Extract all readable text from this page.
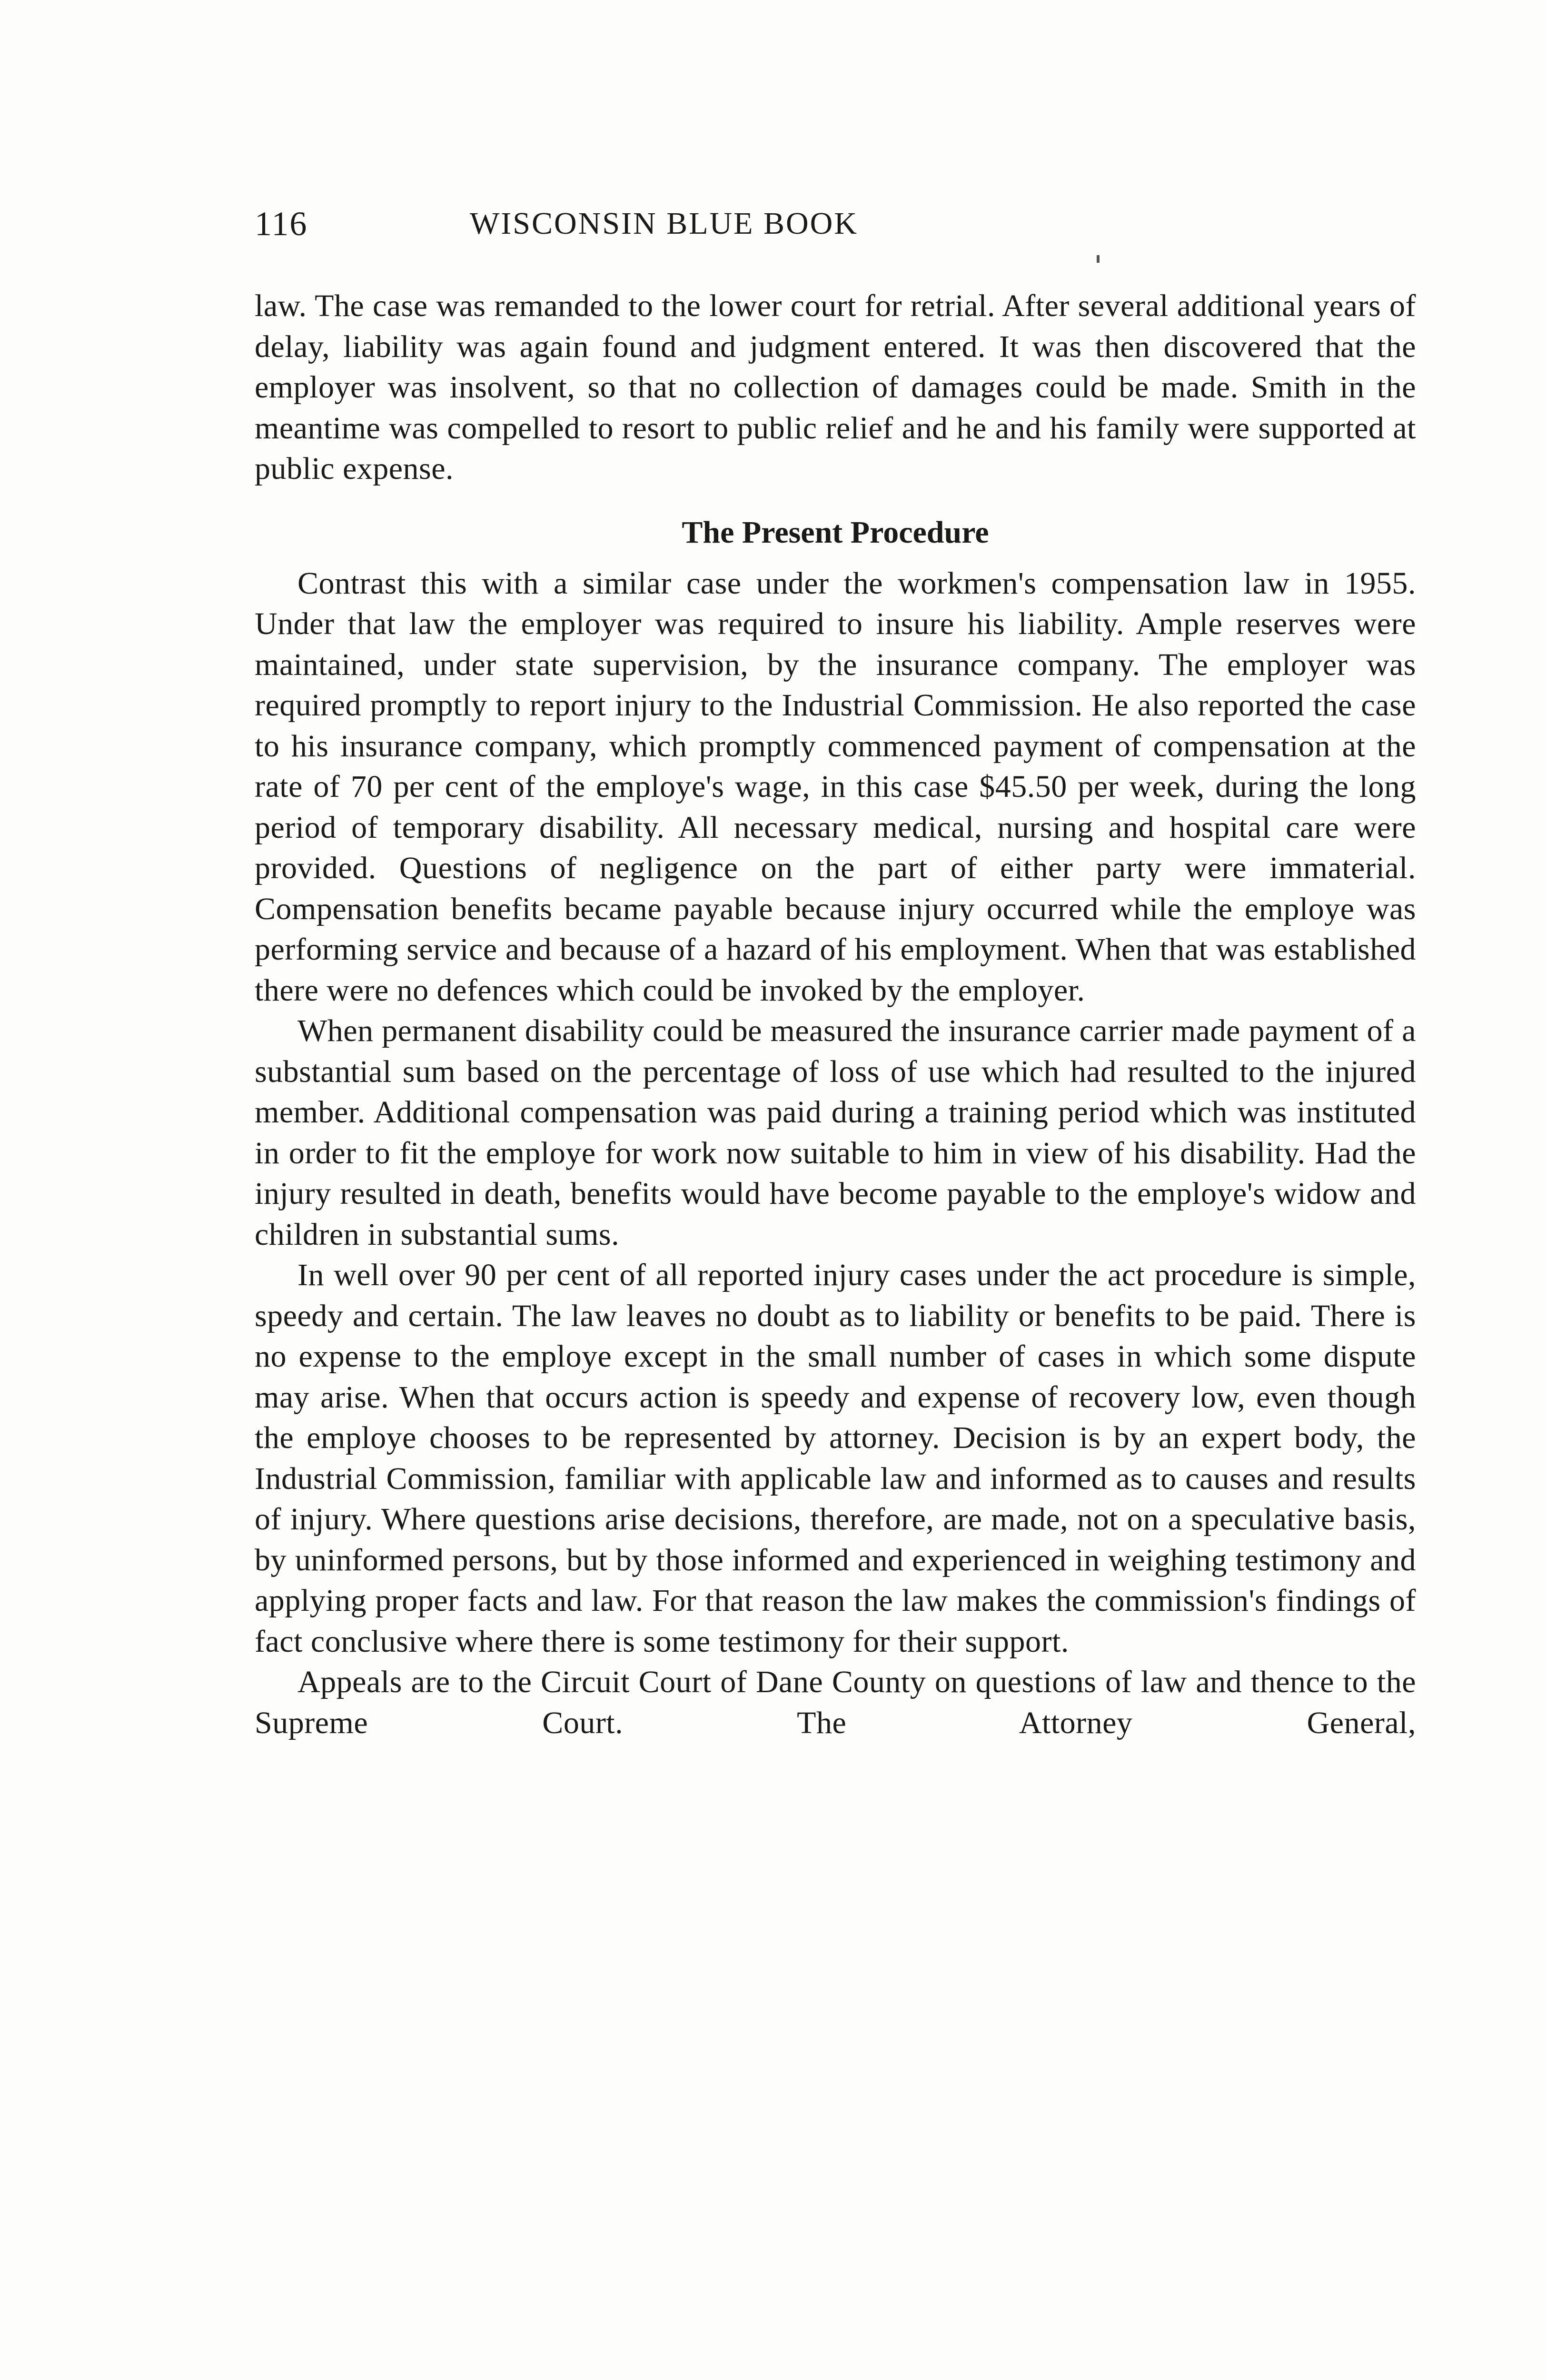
116	WISCONSIN BLUE BOOK

law. The case was remanded to the lower court for retrial. After several additional years of delay, liability was again found and judgment entered. It was then discovered that the employer was insolvent, so that no collection of damages could be made. Smith in the meantime was compelled to resort to public relief and he and his family were supported at public expense.

The Present Procedure

Contrast this with a similar case under the workmen's compensation law in 1955. Under that law the employer was required to insure his liability. Ample reserves were maintained, under state supervision, by the insurance company. The employer was required promptly to report injury to the Industrial Commission. He also reported the case to his insurance company, which promptly commenced payment of compensation at the rate of 70 per cent of the employe's wage, in this case $45.50 per week, during the long period of temporary disability. All necessary medical, nursing and hospital care were provided. Questions of negligence on the part of either party were immaterial. Compensation benefits became payable because injury occurred while the employe was performing service and because of a hazard of his employment. When that was established there were no defences which could be invoked by the employer.

When permanent disability could be measured the insurance carrier made payment of a substantial sum based on the percentage of loss of use which had resulted to the injured member. Additional compensation was paid during a training period which was instituted in order to fit the employe for work now suitable to him in view of his disability. Had the injury resulted in death, benefits would have become payable to the employe's widow and children in substantial sums.

In well over 90 per cent of all reported injury cases under the act procedure is simple, speedy and certain. The law leaves no doubt as to liability or benefits to be paid. There is no expense to the employe except in the small number of cases in which some dispute may arise. When that occurs action is speedy and expense of recovery low, even though the employe chooses to be represented by attorney. Decision is by an expert body, the Industrial Commission, familiar with applicable law and informed as to causes and results of injury. Where questions arise decisions, therefore, are made, not on a speculative basis, by uninformed persons, but by those informed and experienced in weighing testimony and applying proper facts and law. For that reason the law makes the commission's findings of fact conclusive where there is some testimony for their support.

Appeals are to the Circuit Court of Dane County on questions of law and thence to the Supreme Court. The Attorney General,
